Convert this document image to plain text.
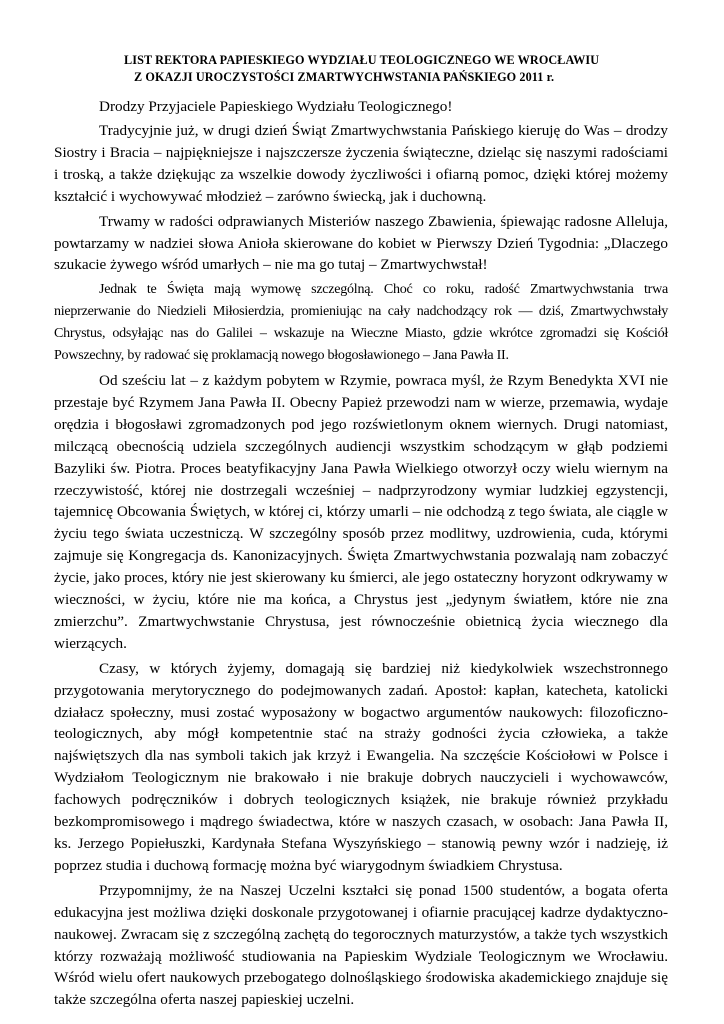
LIST REKTORA PAPIESKIEGO WYDZIAŁU TEOLOGICZNEGO WE WROCŁAWIU
Z OKAZJI UROCZYSTOŚCI ZMARTWYCHWSTANIA PAŃSKIEGO 2011 r.

Drodzy Przyjaciele Papieskiego Wydziału Teologicznego!

Tradycyjnie już, w drugi dzień Świąt Zmartwychwstania Pańskiego kieruję do Was – drodzy Siostry i Bracia – najpiękniejsze i najszczersze życzenia świąteczne, dzieląc się naszymi radościami i troską, a także dziękując za wszelkie dowody życzliwości i ofiarną pomoc, dzięki której możemy kształcić i wychowywać młodzież – zarówno świecką, jak i duchowną.

Trwamy w radości odprawianych Misteriów naszego Zbawienia, śpiewając radosne Alleluja, powtarzamy w nadziei słowa Anioła skierowane do kobiet w Pierwszy Dzień Tygodnia: „Dlaczego szukacie żywego wśród umarłych – nie ma go tutaj – Zmartwychwstał!

Jednak te Święta mają wymowę szczególną. Choć co roku, radość Zmartwychwstania trwa nieprzerwanie do Niedzieli Miłosierdzia, promieniując na cały nadchodzący rok — dziś, Zmartwychwstały Chrystus, odsyłając nas do Galilei – wskazuje na Wieczne Miasto, gdzie wkrótce zgromadzi się Kościół Powszechny, by radować się proklamacją nowego błogosławionego – Jana Pawła II.

Od sześciu lat – z każdym pobytem w Rzymie, powraca myśl, że Rzym Benedykta XVI nie przestaje być Rzymem Jana Pawła II. Obecny Papież przewodzi nam w wierze, przemawia, wydaje orędzia i błogosławi zgromadzonych pod jego rozświetlonym oknem wiernych. Drugi natomiast, milczącą obecnością udziela szczególnych audiencji wszystkim schodzącym w głąb podziemi Bazyliki św. Piotra. Proces beatyfikacyjny Jana Pawła Wielkiego otworzył oczy wielu wiernym na rzeczywistość, której nie dostrzegali wcześniej – nadprzyrodzony wymiar ludzkiej egzystencji, tajemnicę Obcowania Świętych, w której ci, którzy umarli – nie odchodzą z tego świata, ale ciągle w życiu tego świata uczestniczą. W szczególny sposób przez modlitwy, uzdrowienia, cuda, którymi zajmuje się Kongregacja ds. Kanonizacyjnych. Święta Zmartwychwstania pozwalają nam zobaczyć życie, jako proces, który nie jest skierowany ku śmierci, ale jego ostateczny horyzont odkrywamy w wieczności, w życiu, które nie ma końca, a Chrystus jest „jedynym światłem, które nie zna zmierzchu”. Zmartwychwstanie Chrystusa, jest równocześnie obietnicą życia wiecznego dla wierzących.

Czasy, w których żyjemy, domagają się bardziej niż kiedykolwiek wszechstronnego przygotowania merytorycznego do podejmowanych zadań. Apostoł: kapłan, katecheta, katolicki działacz społeczny, musi zostać wyposażony w bogactwo argumentów naukowych: filozoficzno-teologicznych, aby mógł kompetentnie stać na straży godności życia człowieka, a także najświętszych dla nas symboli takich jak krzyż i Ewangelia. Na szczęście Kościołowi w Polsce i Wydziałom Teologicznym nie brakowało i nie brakuje dobrych nauczycieli i wychowawców, fachowych podręczników i dobrych teologicznych książek, nie brakuje również przykładu bezkompromisowego i mądrego świadectwa, które w naszych czasach, w osobach: Jana Pawła II, ks. Jerzego Popiełuszki, Kardynała Stefana Wyszyńskiego – stanowią pewny wzór i nadzieję, iż poprzez studia i duchową formację można być wiarygodnym świadkiem Chrystusa.

Przypomnijmy, że na Naszej Uczelni kształci się ponad 1500 studentów, a bogata oferta edukacyjna jest możliwa dzięki doskonale przygotowanej i ofiarnie pracującej kadrze dydaktyczno-naukowej. Zwracam się z szczególną zachętą do tegorocznych maturzystów, a także tych wszystkich którzy rozważają możliwość studiowania na Papieskim Wydziale Teologicznym we Wrocławiu. Wśród wielu ofert naukowych przebogatego dolnośląskiego środowiska akademickiego znajduje się także szczególna oferta naszej papieskiej uczelni.
